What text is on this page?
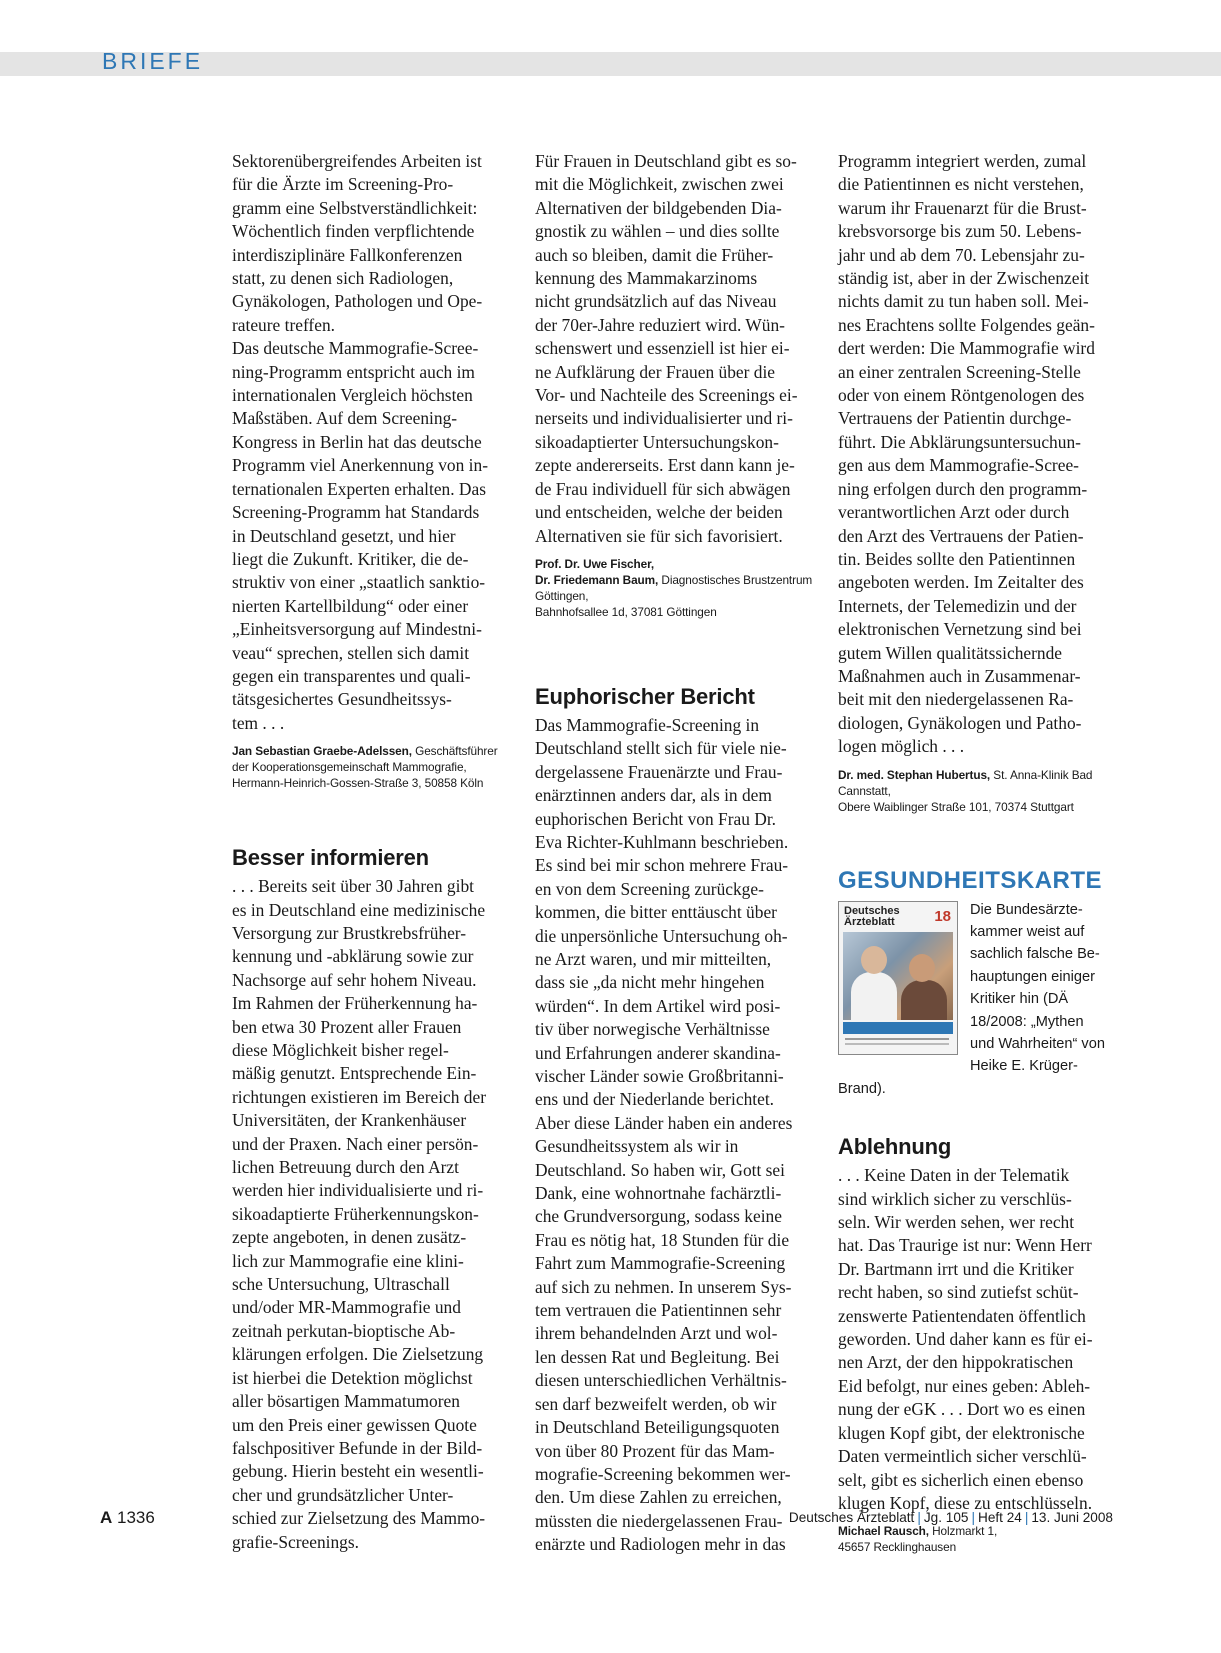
BRIEFE

Sektorenübergreifendes Arbeiten ist
für die Ärzte im Screening-Pro-
gramm eine Selbstverständlichkeit:
Wöchentlich finden verpflichtende
interdisziplinäre Fallkonferenzen
statt, zu denen sich Radiologen,
Gynäkologen, Pathologen und Ope-
rateure treffen.
Das deutsche Mammografie-Scree-
ning-Programm entspricht auch im
internationalen Vergleich höchsten
Maßstäben. Auf dem Screening-
Kongress in Berlin hat das deutsche
Programm viel Anerkennung von in-
ternationalen Experten erhalten. Das
Screening-Programm hat Standards
in Deutschland gesetzt, und hier
liegt die Zukunft. Kritiker, die de-
struktiv von einer „staatlich sanktio-
nierten Kartellbildung“ oder einer
„Einheitsversorgung auf Mindestni-
veau“ sprechen, stellen sich damit
gegen ein transparentes und quali-
tätsgesichertes Gesundheitssys-
tem . . .

Jan Sebastian Graebe-Adelssen, Geschäftsführer
der Kooperationsgemeinschaft Mammografie,
Hermann-Heinrich-Gossen-Straße 3, 50858 Köln

Besser informieren

. . . Bereits seit über 30 Jahren gibt
es in Deutschland eine medizinische
Versorgung zur Brustkrebsfrüher-
kennung und -abklärung sowie zur
Nachsorge auf sehr hohem Niveau.
Im Rahmen der Früherkennung ha-
ben etwa 30 Prozent aller Frauen
diese Möglichkeit bisher regel-
mäßig genutzt. Entsprechende Ein-
richtungen existieren im Bereich der
Universitäten, der Krankenhäuser
und der Praxen. Nach einer persön-
lichen Betreuung durch den Arzt
werden hier individualisierte und ri-
sikoadaptierte Früherkennungskon-
zepte angeboten, in denen zusätz-
lich zur Mammografie eine klini-
sche Untersuchung, Ultraschall
und/oder MR-Mammografie und
zeitnah perkutan-bioptische Ab-
klärungen erfolgen. Die Zielsetzung
ist hierbei die Detektion möglichst
aller bösartigen Mammatumoren
um den Preis einer gewissen Quote
falschpositiver Befunde in der Bild-
gebung. Hierin besteht ein wesentli-
cher und grundsätzlicher Unter-
schied zur Zielsetzung des Mammo-
grafie-Screenings.

Für Frauen in Deutschland gibt es so-
mit die Möglichkeit, zwischen zwei
Alternativen der bildgebenden Dia-
gnostik zu wählen – und dies sollte
auch so bleiben, damit die Früher-
kennung des Mammakarzinoms
nicht grundsätzlich auf das Niveau
der 70er-Jahre reduziert wird. Wün-
schenswert und essenziell ist hier ei-
ne Aufklärung der Frauen über die
Vor- und Nachteile des Screenings ei-
nerseits und individualisierter und ri-
sikoadaptierter Untersuchungskon-
zepte andererseits. Erst dann kann je-
de Frau individuell für sich abwägen
und entscheiden, welche der beiden
Alternativen sie für sich favorisiert.

Prof. Dr. Uwe Fischer,
Dr. Friedemann Baum, Diagnostisches Brustzentrum Göttingen,
Bahnhofsallee 1d, 37081 Göttingen

Euphorischer Bericht

Das Mammografie-Screening in
Deutschland stellt sich für viele nie-
dergelassene Frauenärzte und Frau-
enärztinnen anders dar, als in dem
euphorischen Bericht von Frau Dr.
Eva Richter-Kuhlmann beschrieben.
Es sind bei mir schon mehrere Frau-
en von dem Screening zurückge-
kommen, die bitter enttäuscht über
die unpersönliche Untersuchung oh-
ne Arzt waren, und mir mitteilten,
dass sie „da nicht mehr hingehen
würden“. In dem Artikel wird posi-
tiv über norwegische Verhältnisse
und Erfahrungen anderer skandina-
vischer Länder sowie Großbritanni-
ens und der Niederlande berichtet.
Aber diese Länder haben ein anderes
Gesundheitssystem als wir in
Deutschland. So haben wir, Gott sei
Dank, eine wohnortnahe fachärztli-
che Grundversorgung, sodass keine
Frau es nötig hat, 18 Stunden für die
Fahrt zum Mammografie-Screening
auf sich zu nehmen. In unserem Sys-
tem vertrauen die Patientinnen sehr
ihrem behandelnden Arzt und wol-
len dessen Rat und Begleitung. Bei
diesen unterschiedlichen Verhältnis-
sen darf bezweifelt werden, ob wir
in Deutschland Beteiligungsquoten
von über 80 Prozent für das Mam-
mografie-Screening bekommen wer-
den. Um diese Zahlen zu erreichen,
müssten die niedergelassenen Frau-
enärzte und Radiologen mehr in das

Programm integriert werden, zumal
die Patientinnen es nicht verstehen,
warum ihr Frauenarzt für die Brust-
krebsvorsorge bis zum 50. Lebens-
jahr und ab dem 70. Lebensjahr zu-
ständig ist, aber in der Zwischenzeit
nichts damit zu tun haben soll. Mei-
nes Erachtens sollte Folgendes geän-
dert werden: Die Mammografie wird
an einer zentralen Screening-Stelle
oder von einem Röntgenologen des
Vertrauens der Patientin durchge-
führt. Die Abklärungsuntersuchun-
gen aus dem Mammografie-Scree-
ning erfolgen durch den programm-
verantwortlichen Arzt oder durch
den Arzt des Vertrauens der Patien-
tin. Beides sollte den Patientinnen
angeboten werden. Im Zeitalter des
Internets, der Telemedizin und der
elektronischen Vernetzung sind bei
gutem Willen qualitätssichernde
Maßnahmen auch in Zusammenar-
beit mit den niedergelassenen Ra-
diologen, Gynäkologen und Patho-
logen möglich . . .

Dr. med. Stephan Hubertus, St. Anna-Klinik Bad Cannstatt,
Obere Waiblinger Straße 101, 70374 Stuttgart

GESUNDHEITSKARTE
Deutsches
Ärzteblatt	18	Die Bundesärzte-
kammer weist auf
sachlich falsche Be-
hauptungen einiger
Kritiker hin (DÄ
18/2008: „Mythen
und Wahrheiten“ von
Heike E. Krüger-Brand).

Ablehnung

. . . Keine Daten in der Telematik
sind wirklich sicher zu verschlüs-
seln. Wir werden sehen, wer recht
hat. Das Traurige ist nur: Wenn Herr
Dr. Bartmann irrt und die Kritiker
recht haben, so sind zutiefst schüt-
zenswerte Patientendaten öffentlich
geworden. Und daher kann es für ei-
nen Arzt, der den hippokratischen
Eid befolgt, nur eines geben: Ableh-
nung der eGK . . . Dort wo es einen
klugen Kopf gibt, der elektronische
Daten vermeintlich sicher verschlü-
selt, gibt es sicherlich einen ebenso
klugen Kopf, diese zu entschlüsseln.

Michael Rausch, Holzmarkt 1,
45657 Recklinghausen

A 1336	Deutsches Ärzteblatt | Jg. 105 | Heft 24 | 13. Juni 2008
